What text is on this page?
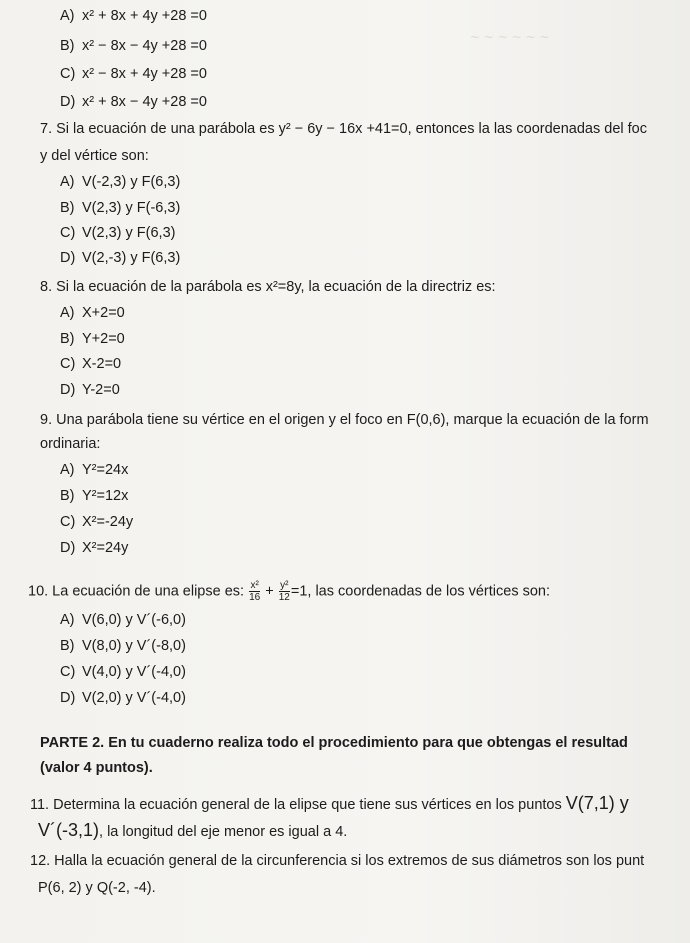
~ ~ ~ ~ ~ ~
A) x² + 8x + 4y +28 =0
B) x² − 8x − 4y +28 =0
C) x² − 8x + 4y +28 =0
D) x² + 8x − 4y +28 =0
7. Si la ecuación de una parábola es y² − 6y − 16x +41=0, entonces la las coordenadas del foc
y del vértice son:
A) V(-2,3) y F(6,3)
B) V(2,3) y F(-6,3)
C) V(2,3) y F(6,3)
D) V(2,-3) y F(6,3)
8. Si la ecuación de la parábola es x²=8y, la ecuación de la directriz es:
A) X+2=0
B) Y+2=0
C) X-2=0
D) Y-2=0
9. Una parábola tiene su vértice en el origen y el foco en F(0,6), marque la ecuación de la form
ordinaria:
A) Y²=24x
B) Y²=12x
C) X²=-24y
D) X²=24y
10. La ecuación de una elipse es: $\frac{\text{x²}}{16} + \frac{\text{y²}}{12} =1$, las coordenadas de los vértices son:
A) V(6,0) y V´(-6,0)
B) V(8,0) y V´(-8,0)
C) V(4,0) y V´(-4,0)
D) V(2,0) y V´(-4,0)
PARTE 2. En tu cuaderno realiza todo el procedimiento para que obtengas el resultad
(valor 4 puntos).
11. Determina la ecuación general de la elipse que tiene sus vértices en los puntos V(7,1) y
V´(-3,1), la longitud del eje menor es igual a 4.
12. Halla la ecuación general de la circunferencia si los extremos de sus diámetros son los punt
P(6, 2) y Q(-2, -4).
